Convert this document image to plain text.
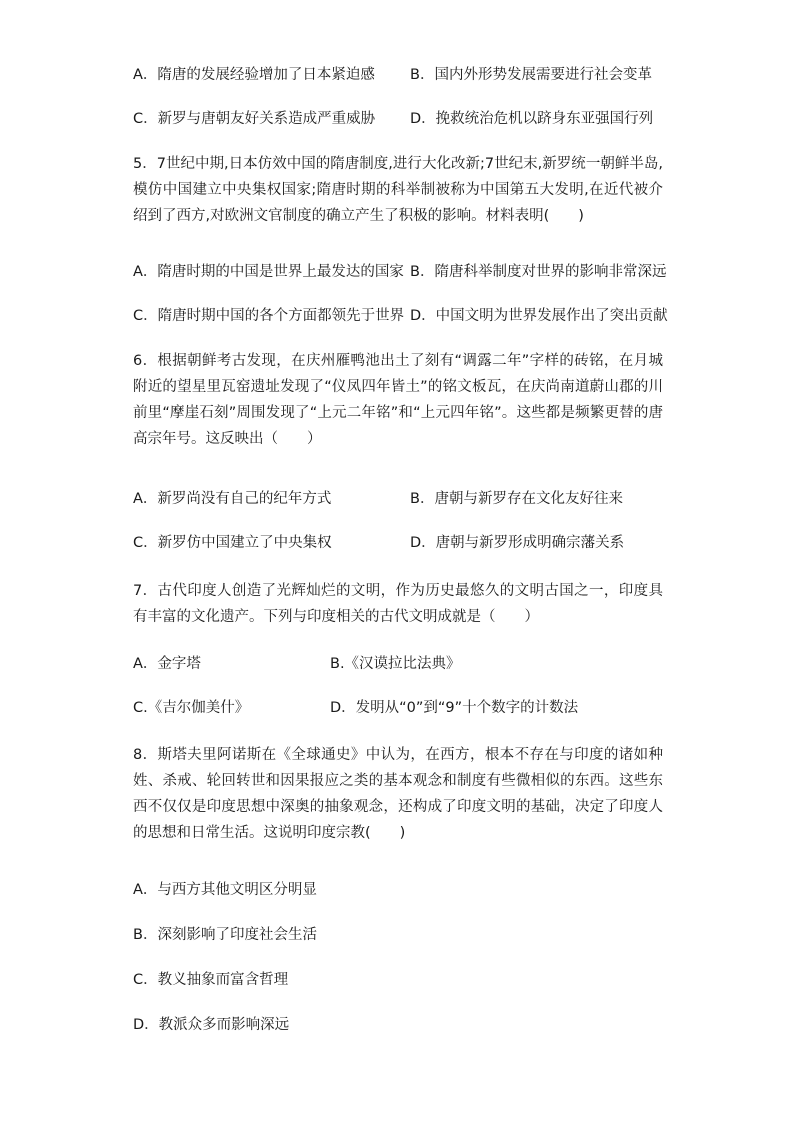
A．隋唐的发展经验增加了日本紧迫感 B．国内外形势发展需要进行社会变革
C．新罗与唐朝友好关系造成严重威胁 D．挽救统治危机以跻身东亚强国行列

5．7世纪中期,日本仿效中国的隋唐制度,进行大化改新;7世纪末,新罗统一朝鲜半岛,模仿中国建立中央集权国家;隋唐时期的科举制被称为中国第五大发明,在近代被介绍到了西方,对欧洲文官制度的确立产生了积极的影响。材料表明(　　)

A．隋唐时期的中国是世界上最发达的国家 B．隋唐科举制度对世界的影响非常深远
C．隋唐时期中国的各个方面都领先于世界 D．中国文明为世界发展作出了突出贡献

6．根据朝鲜考古发现，在庆州雁鸭池出土了刻有“调露二年”字样的砖铭，在月城附近的望星里瓦窑遗址发现了“仪凤四年皆土”的铭文板瓦，在庆尚南道蔚山郡的川前里“摩崖石刻”周围发现了“上元二年铭”和“上元四年铭”。这些都是频繁更替的唐高宗年号。这反映出（　　）

A．新罗尚没有自己的纪年方式	B．唐朝与新罗存在文化友好往来
C．新罗仿中国建立了中央集权	D．唐朝与新罗形成明确宗藩关系

7．古代印度人创造了光辉灿烂的文明，作为历史最悠久的文明古国之一，印度具有丰富的文化遗产。下列与印度相关的古代文明成就是（　　）

A．金字塔	B.《汉谟拉比法典》
C.《吉尔伽美什》	D．发明从“0”到“9”十个数字的计数法

8．斯塔夫里阿诺斯在《全球通史》中认为，在西方，根本不存在与印度的诸如种姓、杀戒、轮回转世和因果报应之类的基本观念和制度有些微相似的东西。这些东西不仅仅是印度思想中深奥的抽象观念，还构成了印度文明的基础，决定了印度人的思想和日常生活。这说明印度宗教(　　)

A．与西方其他文明区分明显
B．深刻影响了印度社会生活
C．教义抽象而富含哲理
D．教派众多而影响深远
